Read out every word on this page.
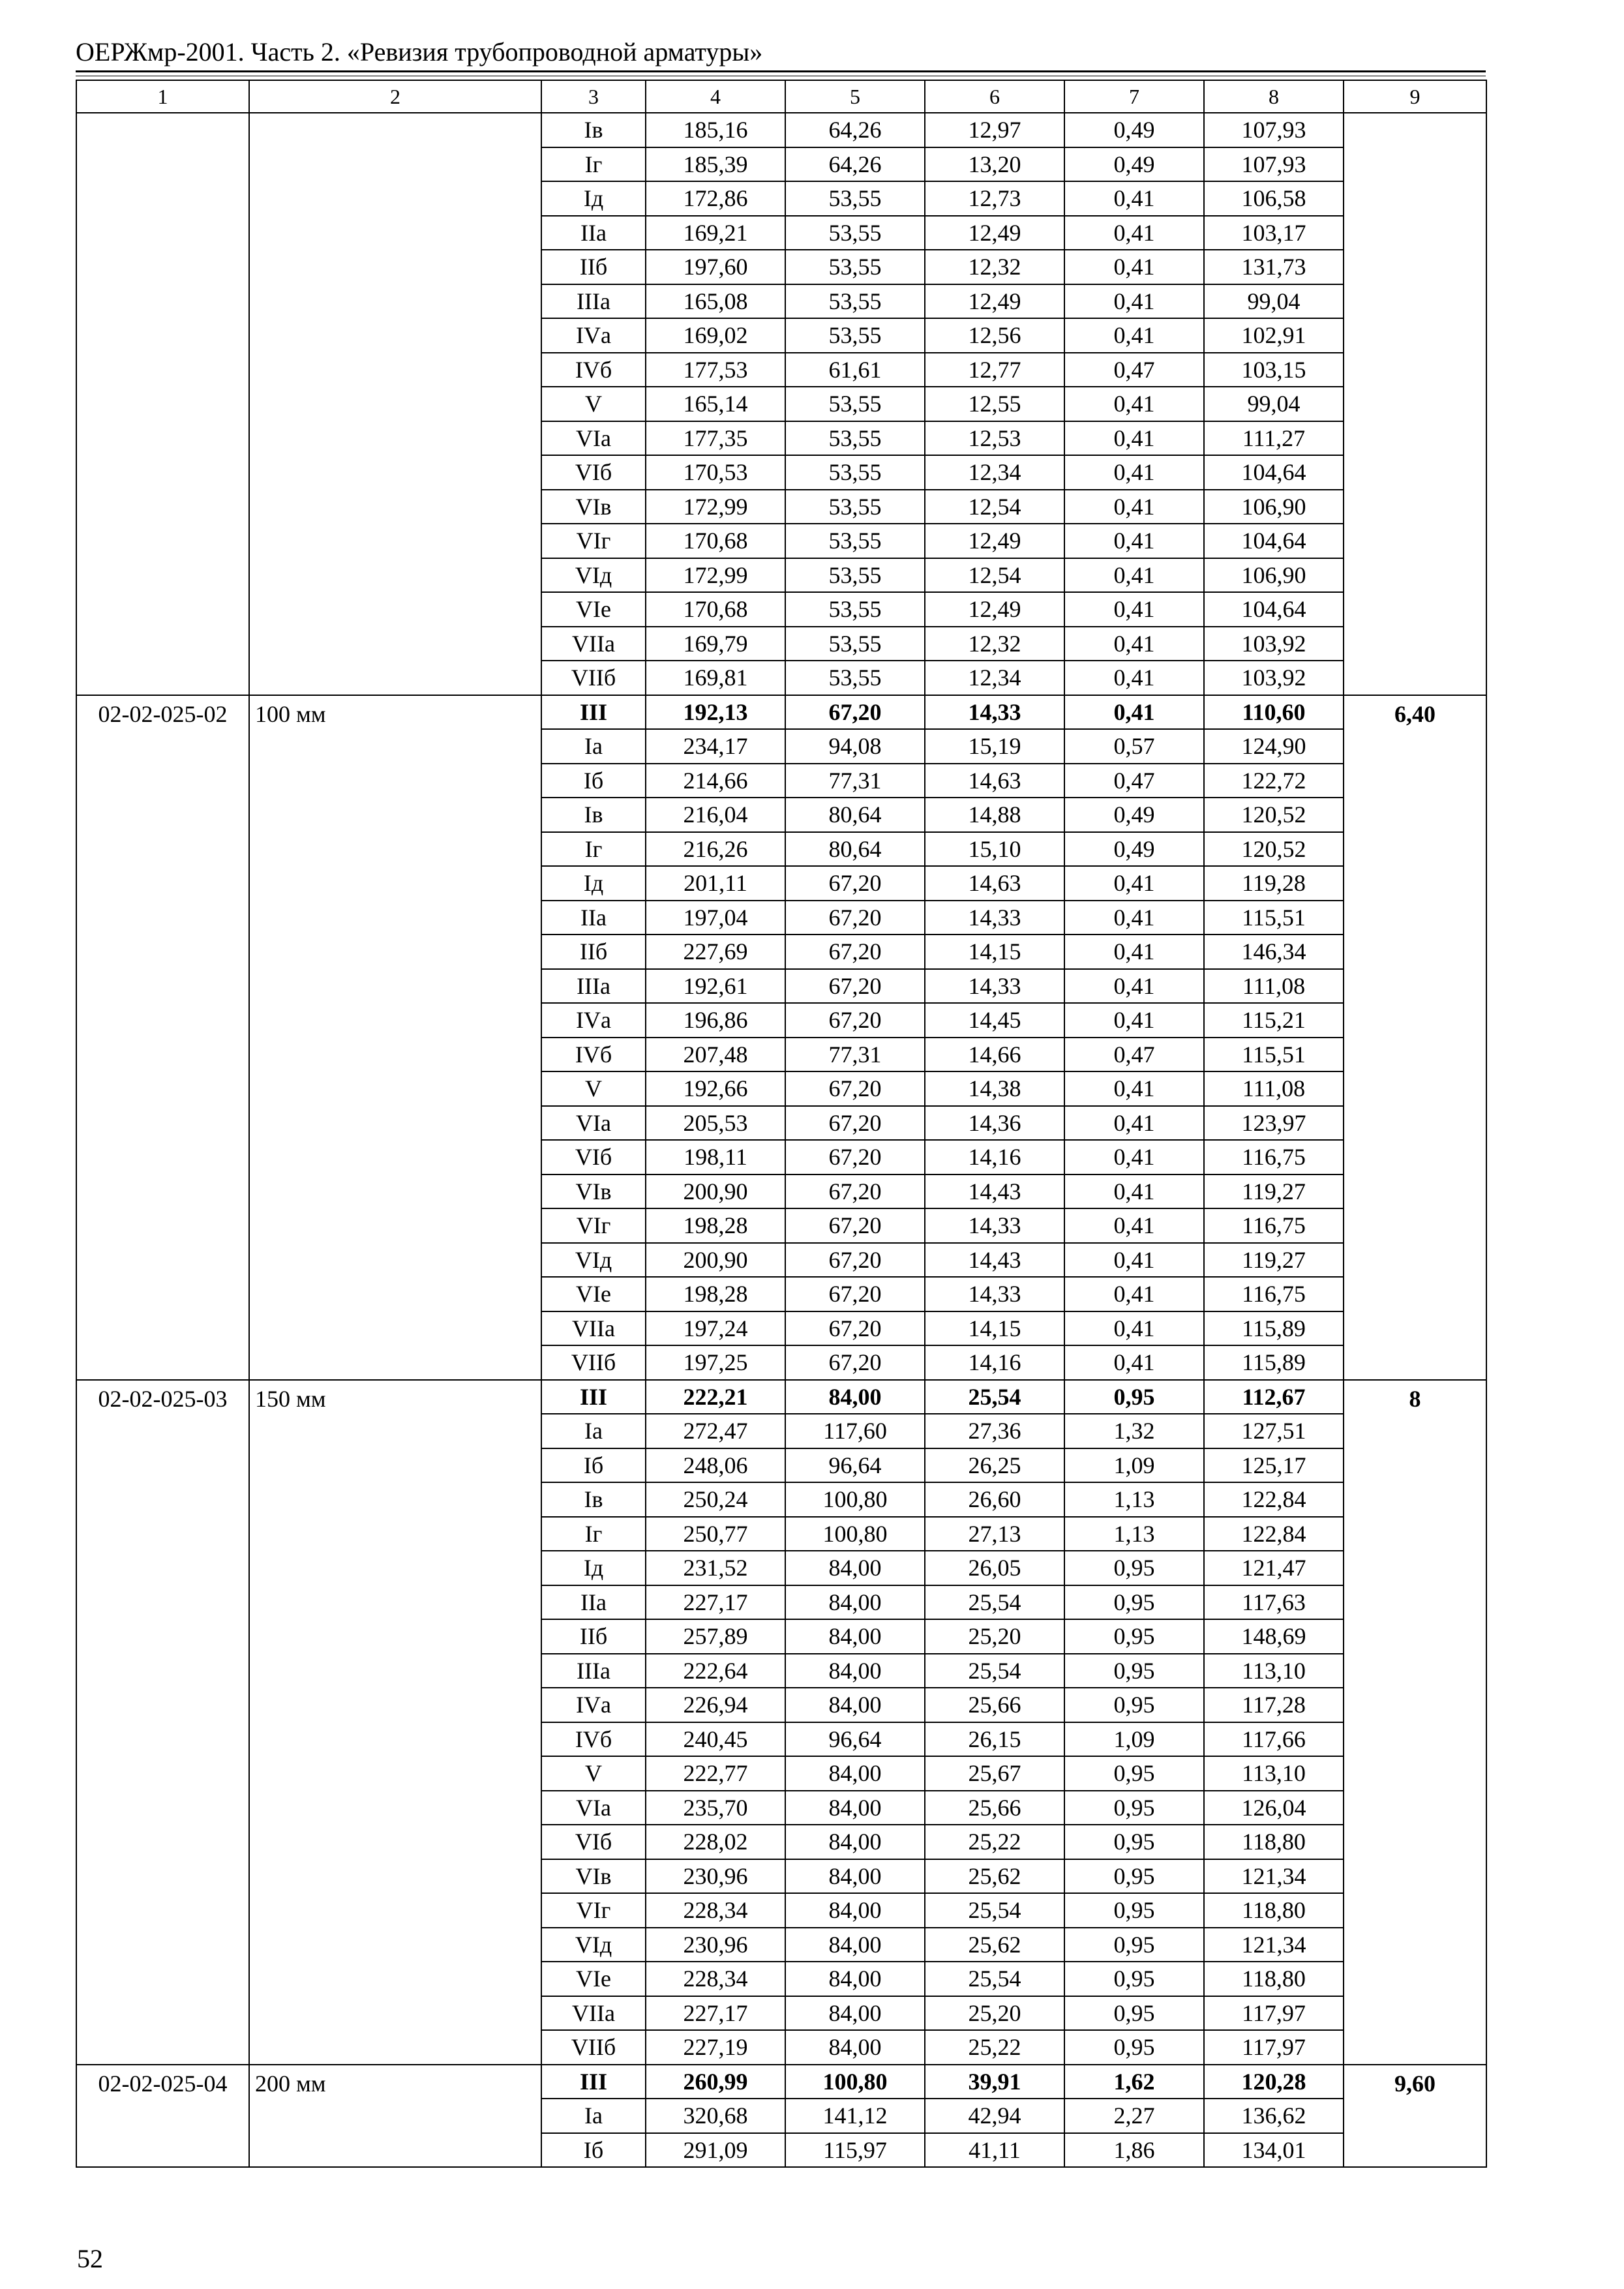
ОЕРЖмр-2001. Часть 2. «Ревизия трубопроводной арматуры»
1	2	3	4	5	6	7	8	9
		Iв	185,16	64,26	12,97	0,49	107,93	
		Iг	185,39	64,26	13,20	0,49	107,93	
		Iд	172,86	53,55	12,73	0,41	106,58	
		IIа	169,21	53,55	12,49	0,41	103,17	
		IIб	197,60	53,55	12,32	0,41	131,73	
		IIIа	165,08	53,55	12,49	0,41	99,04	
		IVа	169,02	53,55	12,56	0,41	102,91	
		IVб	177,53	61,61	12,77	0,47	103,15	
		V	165,14	53,55	12,55	0,41	99,04	
		VIа	177,35	53,55	12,53	0,41	111,27	
		VIб	170,53	53,55	12,34	0,41	104,64	
		VIв	172,99	53,55	12,54	0,41	106,90	
		VIг	170,68	53,55	12,49	0,41	104,64	
		VIд	172,99	53,55	12,54	0,41	106,90	
		VIе	170,68	53,55	12,49	0,41	104,64	
		VIIа	169,79	53,55	12,32	0,41	103,92	
		VIIб	169,81	53,55	12,34	0,41	103,92	
02-02-025-02	100 мм	III	192,13	67,20	14,33	0,41	110,60	6,40
		Iа	234,17	94,08	15,19	0,57	124,90	
		Iб	214,66	77,31	14,63	0,47	122,72	
		Iв	216,04	80,64	14,88	0,49	120,52	
		Iг	216,26	80,64	15,10	0,49	120,52	
		Iд	201,11	67,20	14,63	0,41	119,28	
		IIа	197,04	67,20	14,33	0,41	115,51	
		IIб	227,69	67,20	14,15	0,41	146,34	
		IIIа	192,61	67,20	14,33	0,41	111,08	
		IVа	196,86	67,20	14,45	0,41	115,21	
		IVб	207,48	77,31	14,66	0,47	115,51	
		V	192,66	67,20	14,38	0,41	111,08	
		VIа	205,53	67,20	14,36	0,41	123,97	
		VIб	198,11	67,20	14,16	0,41	116,75	
		VIв	200,90	67,20	14,43	0,41	119,27	
		VIг	198,28	67,20	14,33	0,41	116,75	
		VIд	200,90	67,20	14,43	0,41	119,27	
		VIе	198,28	67,20	14,33	0,41	116,75	
		VIIа	197,24	67,20	14,15	0,41	115,89	
		VIIб	197,25	67,20	14,16	0,41	115,89	
02-02-025-03	150 мм	III	222,21	84,00	25,54	0,95	112,67	8
		Iа	272,47	117,60	27,36	1,32	127,51	
		Iб	248,06	96,64	26,25	1,09	125,17	
		Iв	250,24	100,80	26,60	1,13	122,84	
		Iг	250,77	100,80	27,13	1,13	122,84	
		Iд	231,52	84,00	26,05	0,95	121,47	
		IIа	227,17	84,00	25,54	0,95	117,63	
		IIб	257,89	84,00	25,20	0,95	148,69	
		IIIа	222,64	84,00	25,54	0,95	113,10	
		IVа	226,94	84,00	25,66	0,95	117,28	
		IVб	240,45	96,64	26,15	1,09	117,66	
		V	222,77	84,00	25,67	0,95	113,10	
		VIа	235,70	84,00	25,66	0,95	126,04	
		VIб	228,02	84,00	25,22	0,95	118,80	
		VIв	230,96	84,00	25,62	0,95	121,34	
		VIг	228,34	84,00	25,54	0,95	118,80	
		VIд	230,96	84,00	25,62	0,95	121,34	
		VIе	228,34	84,00	25,54	0,95	118,80	
		VIIа	227,17	84,00	25,20	0,95	117,97	
		VIIб	227,19	84,00	25,22	0,95	117,97	
02-02-025-04	200 мм	III	260,99	100,80	39,91	1,62	120,28	9,60
		Iа	320,68	141,12	42,94	2,27	136,62	
		Iб	291,09	115,97	41,11	1,86	134,01	
52
